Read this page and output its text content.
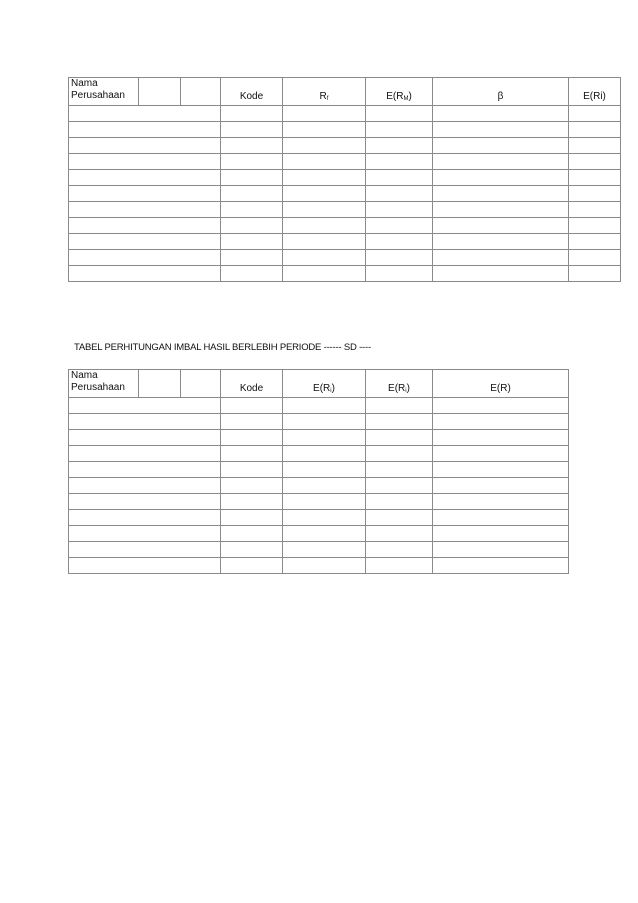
Nama
Perusahaan			Kode	$R_f$	$E(R_M)$	β	E(Ri)

TABEL PERHITUNGAN IMBAL HASIL BERLEBIH PERIODE ------ SD ----
Nama
Perusahaan			Kode	$E(R_i)$	$E(R_i)$	E(R)
